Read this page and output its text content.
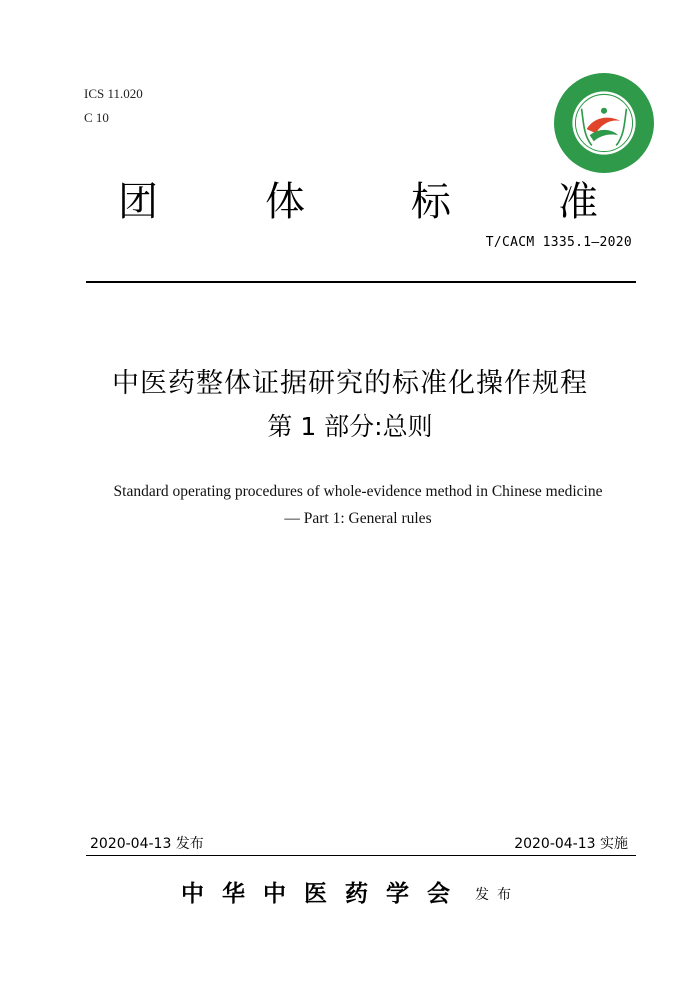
ICS 11.020
C 10
团	体	标	准
T/CACM 1335.1—2020
中医药整体证据研究的标准化操作规程
第 1 部分:总则
Standard operating procedures of whole-evidence method in Chinese medicine
— Part 1: General rules
2020-04-13 发布	2020-04-13 实施
中华中医药学会 发布
